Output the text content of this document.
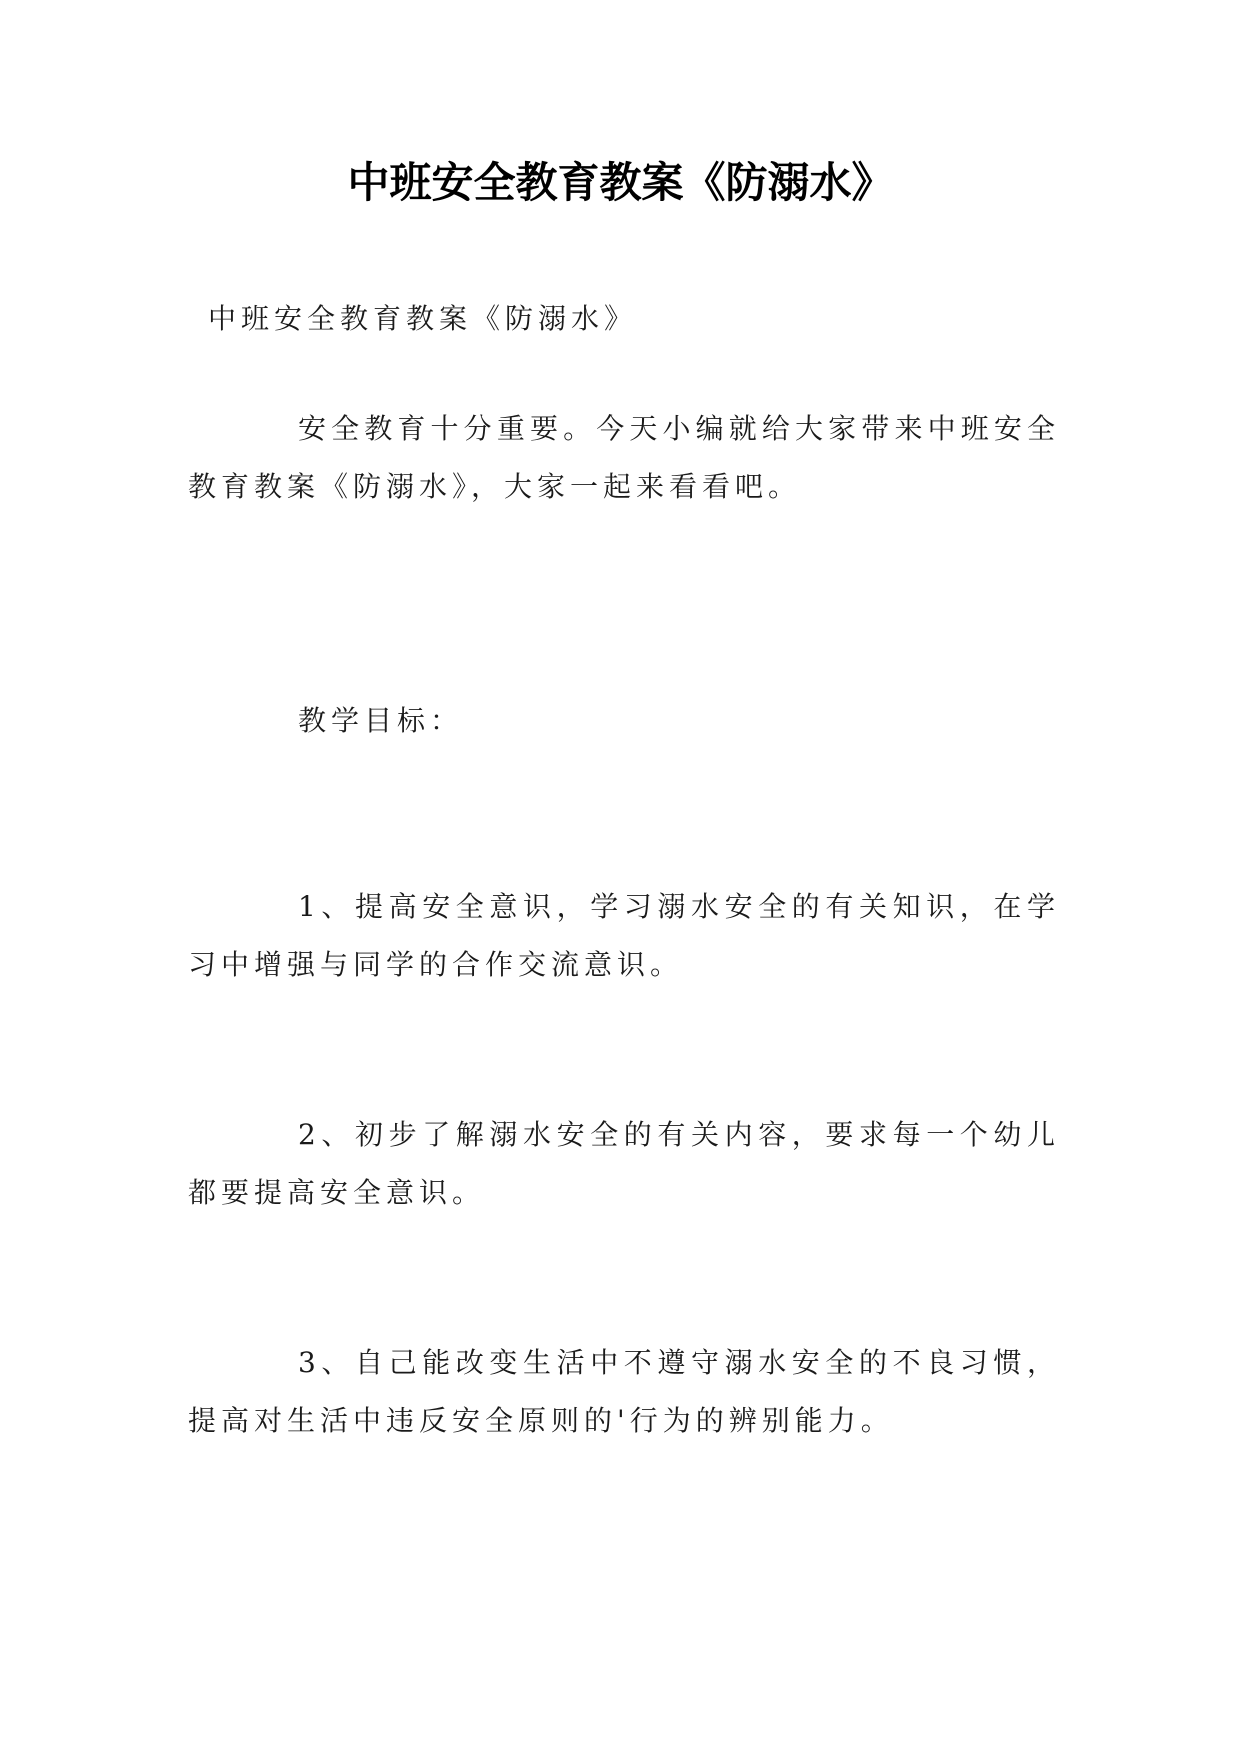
中班安全教育教案《防溺水》

中班安全教育教案《防溺水》

安全教育十分重要。今天小编就给大家带来中班安全教育教案《防溺水》，大家一起来看看吧。

教学目标：

1、提高安全意识，学习溺水安全的有关知识，在学习中增强与同学的合作交流意识。

2、初步了解溺水安全的有关内容，要求每一个幼儿都要提高安全意识。

3、自己能改变生活中不遵守溺水安全的不良习惯，提高对生活中违反安全原则的'行为的辨别能力。
